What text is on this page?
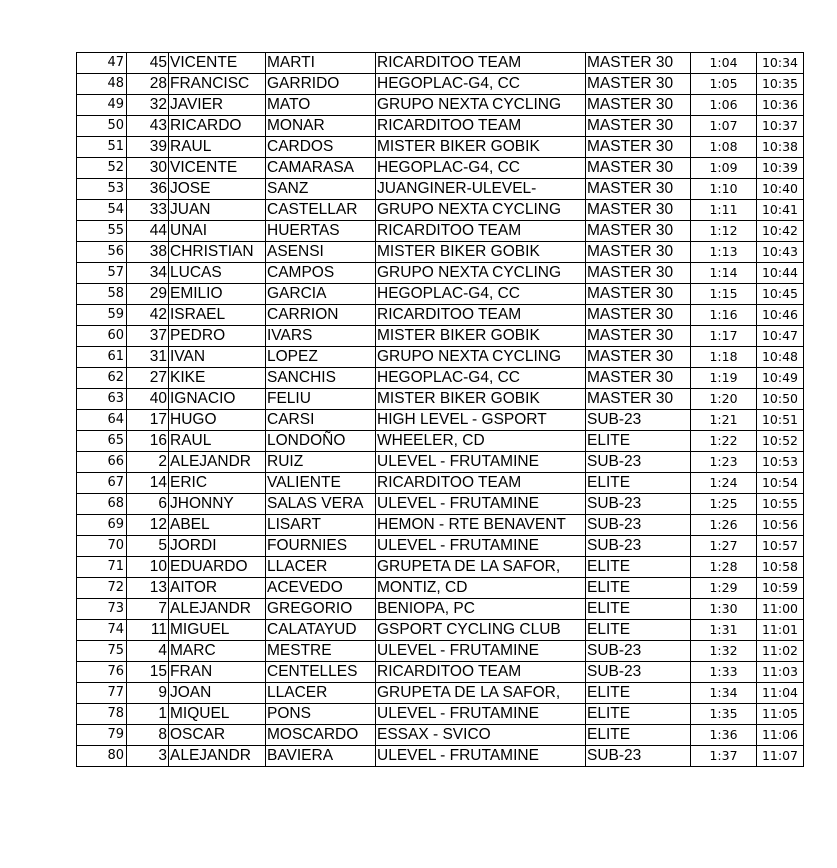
47	45	VICENTE	MARTI	RICARDITOO TEAM	MASTER 30	1:04	10:34
48	28	FRANCISC	GARRIDO	HEGOPLAC-G4, CC	MASTER 30	1:05	10:35
49	32	JAVIER	MATO	GRUPO NEXTA CYCLING	MASTER 30	1:06	10:36
50	43	RICARDO	MONAR	RICARDITOO TEAM	MASTER 30	1:07	10:37
51	39	RAUL	CARDOS	MISTER BIKER GOBIK	MASTER 30	1:08	10:38
52	30	VICENTE	CAMARASA	HEGOPLAC-G4, CC	MASTER 30	1:09	10:39
53	36	JOSE	SANZ	JUANGINER-ULEVEL-	MASTER 30	1:10	10:40
54	33	JUAN	CASTELLAR	GRUPO NEXTA CYCLING	MASTER 30	1:11	10:41
55	44	UNAI	HUERTAS	RICARDITOO TEAM	MASTER 30	1:12	10:42
56	38	CHRISTIAN	ASENSI	MISTER BIKER GOBIK	MASTER 30	1:13	10:43
57	34	LUCAS	CAMPOS	GRUPO NEXTA CYCLING	MASTER 30	1:14	10:44
58	29	EMILIO	GARCIA	HEGOPLAC-G4, CC	MASTER 30	1:15	10:45
59	42	ISRAEL	CARRION	RICARDITOO TEAM	MASTER 30	1:16	10:46
60	37	PEDRO	IVARS	MISTER BIKER GOBIK	MASTER 30	1:17	10:47
61	31	IVAN	LOPEZ	GRUPO NEXTA CYCLING	MASTER 30	1:18	10:48
62	27	KIKE	SANCHIS	HEGOPLAC-G4, CC	MASTER 30	1:19	10:49
63	40	IGNACIO	FELIU	MISTER BIKER GOBIK	MASTER 30	1:20	10:50
64	17	HUGO	CARSI	HIGH LEVEL - GSPORT	SUB-23	1:21	10:51
65	16	RAUL	LONDOÑO	WHEELER, CD	ELITE	1:22	10:52
66	2	ALEJANDR	RUIZ	ULEVEL - FRUTAMINE	SUB-23	1:23	10:53
67	14	ERIC	VALIENTE	RICARDITOO TEAM	ELITE	1:24	10:54
68	6	JHONNY	SALAS VERA	ULEVEL - FRUTAMINE	SUB-23	1:25	10:55
69	12	ABEL	LISART	HEMON - RTE BENAVENT	SUB-23	1:26	10:56
70	5	JORDI	FOURNIES	ULEVEL - FRUTAMINE	SUB-23	1:27	10:57
71	10	EDUARDO	LLACER	GRUPETA DE LA SAFOR,	ELITE	1:28	10:58
72	13	AITOR	ACEVEDO	MONTIZ, CD	ELITE	1:29	10:59
73	7	ALEJANDR	GREGORIO	BENIOPA, PC	ELITE	1:30	11:00
74	11	MIGUEL	CALATAYUD	GSPORT CYCLING CLUB	ELITE	1:31	11:01
75	4	MARC	MESTRE	ULEVEL - FRUTAMINE	SUB-23	1:32	11:02
76	15	FRAN	CENTELLES	RICARDITOO TEAM	SUB-23	1:33	11:03
77	9	JOAN	LLACER	GRUPETA DE LA SAFOR,	ELITE	1:34	11:04
78	1	MIQUEL	PONS	ULEVEL - FRUTAMINE	ELITE	1:35	11:05
79	8	OSCAR	MOSCARDO	ESSAX - SVICO	ELITE	1:36	11:06
80	3	ALEJANDR	BAVIERA	ULEVEL - FRUTAMINE	SUB-23	1:37	11:07
